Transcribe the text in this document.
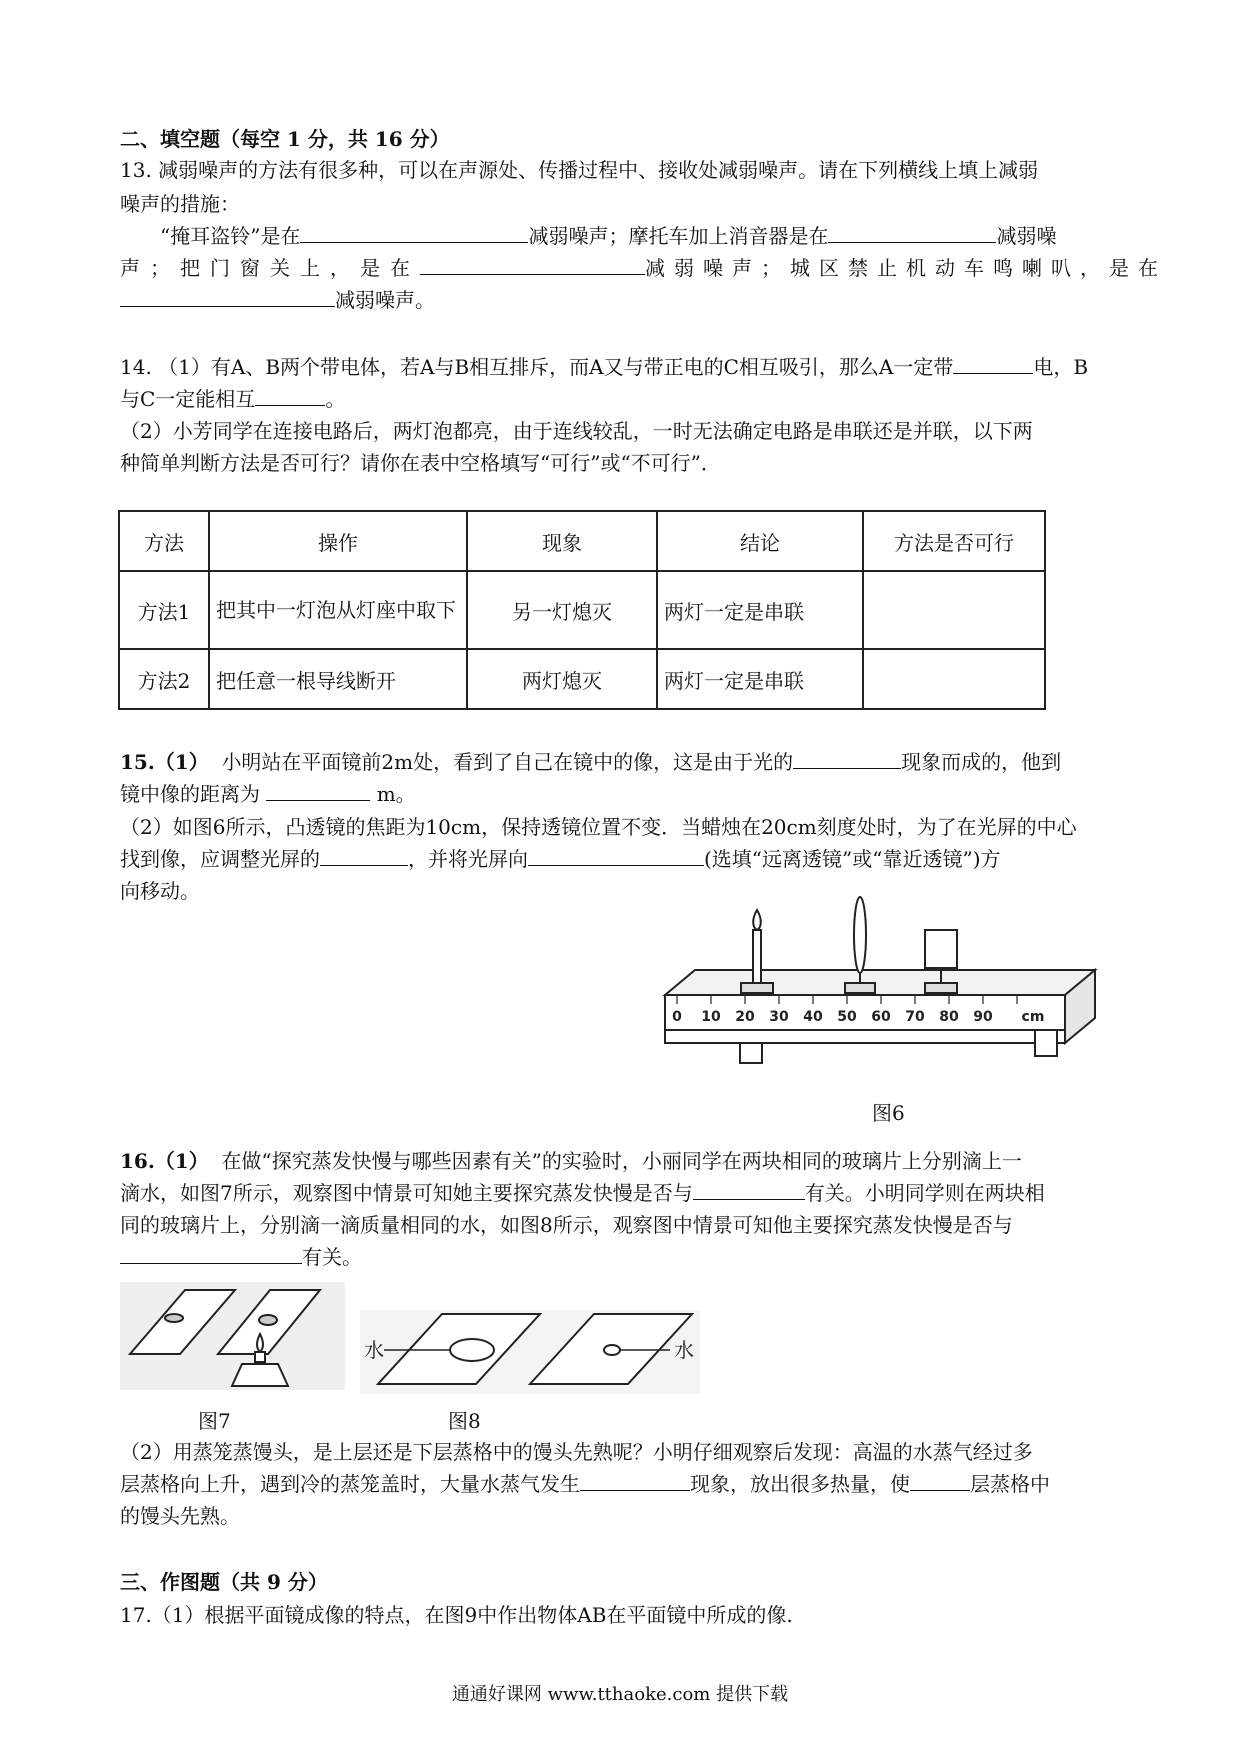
二、填空题（每空 1 分，共 16 分）
13. 减弱噪声的方法有很多种，可以在声源处、传播过程中、接收处减弱噪声。请在下列横线上填上减弱
噪声的措施：
“掩耳盗铃”是在	减弱噪声；摩托车加上消音器是在	减弱噪
声；把门窗关上，是在	减弱噪声；城区禁止机动车鸣喇叭，是在
减弱噪声。
14. （1）有A、B两个带电体，若A与B相互排斥，而A又与带正电的C相互吸引，那么A一定带	电，B
与C一定能相互	。
（2）小芳同学在连接电路后，两灯泡都亮，由于连线较乱，一时无法确定电路是串联还是并联，以下两
种简单判断方法是否可行？请你在表中空格填写“可行”或“不可行”．
方法	操作	现象	结论	方法是否可行
方法1	把其中一灯泡从灯座中取下	另一灯熄灭	两灯一定是串联	
方法2	把任意一根导线断开	两灯熄灭	两灯一定是串联	
15.（1） 小明站在平面镜前2m处，看到了自己在镜中的像，这是由于光的	现象而成的，他到
镜中像的距离为	m。
（2）如图6所示，凸透镜的焦距为10cm，保持透镜位置不变．当蜡烛在20cm刻度处时，为了在光屏的中心
找到像，应调整光屏的	，并将光屏向	(选填“远离透镜”或“靠近透镜”)方
向移动。
0 10 20 30 40 50 60 70 80 90 cm
图6
16.（1） 在做“探究蒸发快慢与哪些因素有关”的实验时，小丽同学在两块相同的玻璃片上分别滴上一
滴水，如图7所示，观察图中情景可知她主要探究蒸发快慢是否与	有关。小明同学则在两块相
同的玻璃片上，分别滴一滴质量相同的水，如图8所示，观察图中情景可知他主要探究蒸发快慢是否与
有关。
图7
水	水
图8
（2）用蒸笼蒸馒头，是上层还是下层蒸格中的馒头先熟呢？小明仔细观察后发现：高温的水蒸气经过多
层蒸格向上升，遇到冷的蒸笼盖时，大量水蒸气发生	现象，放出很多热量，使	层蒸格中
的馒头先熟。
三、作图题（共 9 分）
17.（1）根据平面镜成像的特点，在图9中作出物体AB在平面镜中所成的像.
通通好课网 www.tthaoke.com 提供下载
